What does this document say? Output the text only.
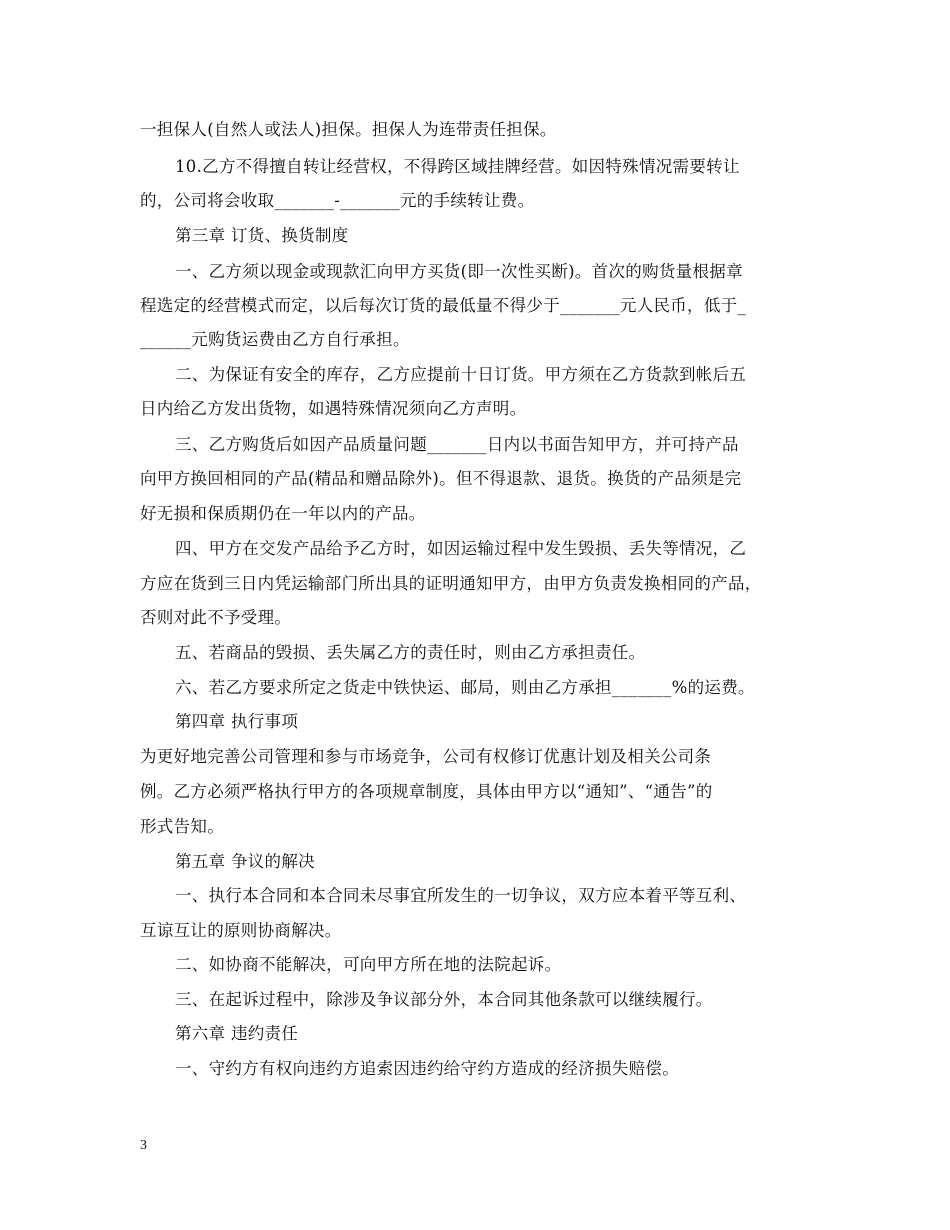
一担保人(自然人或法人)担保。担保人为连带责任担保。
10.乙方不得擅自转让经营权，不得跨区域挂牌经营。如因特殊情况需要转让
的，公司将会收取_______-_______元的手续转让费。
第三章 订货、换货制度
一、乙方须以现金或现款汇向甲方买货(即一次性买断)。首次的购货量根据章
程选定的经营模式而定，以后每次订货的最低量不得少于_______元人民币，低于_
______元购货运费由乙方自行承担。
二、为保证有安全的库存，乙方应提前十日订货。甲方须在乙方货款到帐后五
日内给乙方发出货物，如遇特殊情况须向乙方声明。
三、乙方购货后如因产品质量问题_______日内以书面告知甲方，并可持产品
向甲方换回相同的产品(精品和赠品除外)。但不得退款、退货。换货的产品须是完
好无损和保质期仍在一年以内的产品。
四、甲方在交发产品给予乙方时，如因运输过程中发生毁损、丢失等情况，乙
方应在货到三日内凭运输部门所出具的证明通知甲方，由甲方负责发换相同的产品，
否则对此不予受理。
五、若商品的毁损、丢失属乙方的责任时，则由乙方承担责任。
六、若乙方要求所定之货走中铁快运、邮局，则由乙方承担_______%的运费。
第四章 执行事项
为更好地完善公司管理和参与市场竞争，公司有权修订优惠计划及相关公司条
例。乙方必须严格执行甲方的各项规章制度，具体由甲方以“通知”、“通告”的
形式告知。
第五章 争议的解决
一、执行本合同和本合同未尽事宜所发生的一切争议，双方应本着平等互利、
互谅互让的原则协商解决。
二、如协商不能解决，可向甲方所在地的法院起诉。
三、在起诉过程中，除涉及争议部分外，本合同其他条款可以继续履行。
第六章 违约责任
一、守约方有权向违约方追索因违约给守约方造成的经济损失赔偿。
3
